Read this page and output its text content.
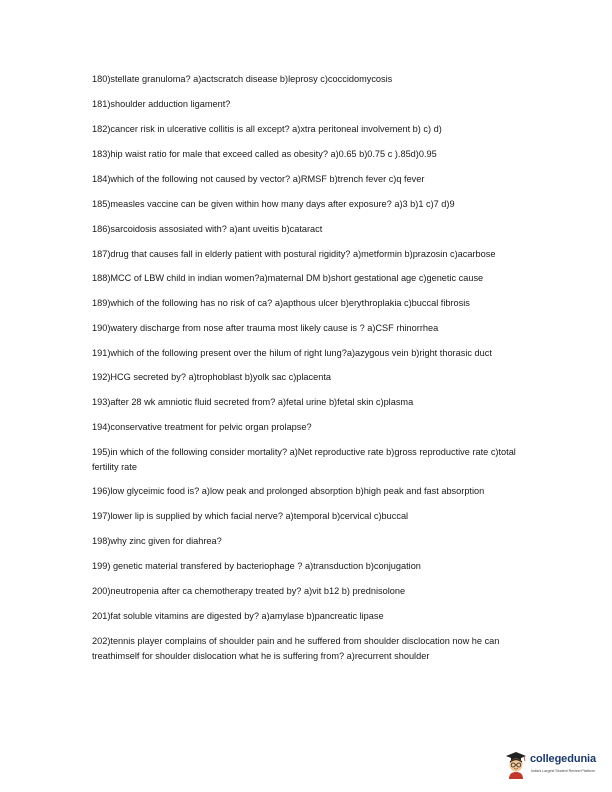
180)stellate granuloma? a)actscratch disease b)leprosy c)coccidomycosis
181)shoulder adduction ligament?
182)cancer risk in ulcerative collitis is all except? a)xtra peritoneal involvement b) c) d)
183)hip waist ratio for male that exceed called as obesity? a)0.65 b)0.75 c ).85d)0.95
184)which of the following not caused by vector? a)RMSF b)trench fever c)q fever
185)measles vaccine can be given within how many days after exposure? a)3 b)1 c)7 d)9
186)sarcoidosis assosiated with? a)ant uveitis b)cataract
187)drug that causes fall in elderly patient with postural rigidity? a)metformin b)prazosin c)acarbose
188)MCC of LBW child in indian women?a)maternal DM b)short gestational age c)genetic cause
189)which of the following has no risk of ca? a)apthous ulcer b)erythroplakia c)buccal fibrosis
190)watery discharge from nose after trauma most likely cause is ? a)CSF rhinorrhea
191)which of the following present over the hilum of right lung?a)azygous vein b)right thorasic duct
192)HCG secreted by? a)trophoblast b)yolk sac c)placenta
193)after 28 wk amniotic fluid secreted from? a)fetal urine b)fetal skin c)plasma
194)conservative treatment for pelvic organ prolapse?
195)in which of the following consider mortality? a)Net reproductive rate b)gross reproductive rate c)total fertility rate
196)low glyceimic food is? a)low peak and prolonged absorption b)high peak and fast absorption
197)lower lip is supplied by which facial nerve? a)temporal b)cervical c)buccal
198)why zinc given for diahrea?
199) genetic material transfered by bacteriophage ? a)transduction b)conjugation
200)neutropenia after ca chemotherapy treated by? a)vit b12 b) prednisolone
201)fat soluble vitamins are digested by? a)amylase b)pancreatic lipase
202)tennis player complains of shoulder pain and he suffered from shoulder disclocation now he can treathimself for shoulder dislocation what he is suffering from? a)recurrent shoulder
collegedunia
India's Largest Student Review Platform
